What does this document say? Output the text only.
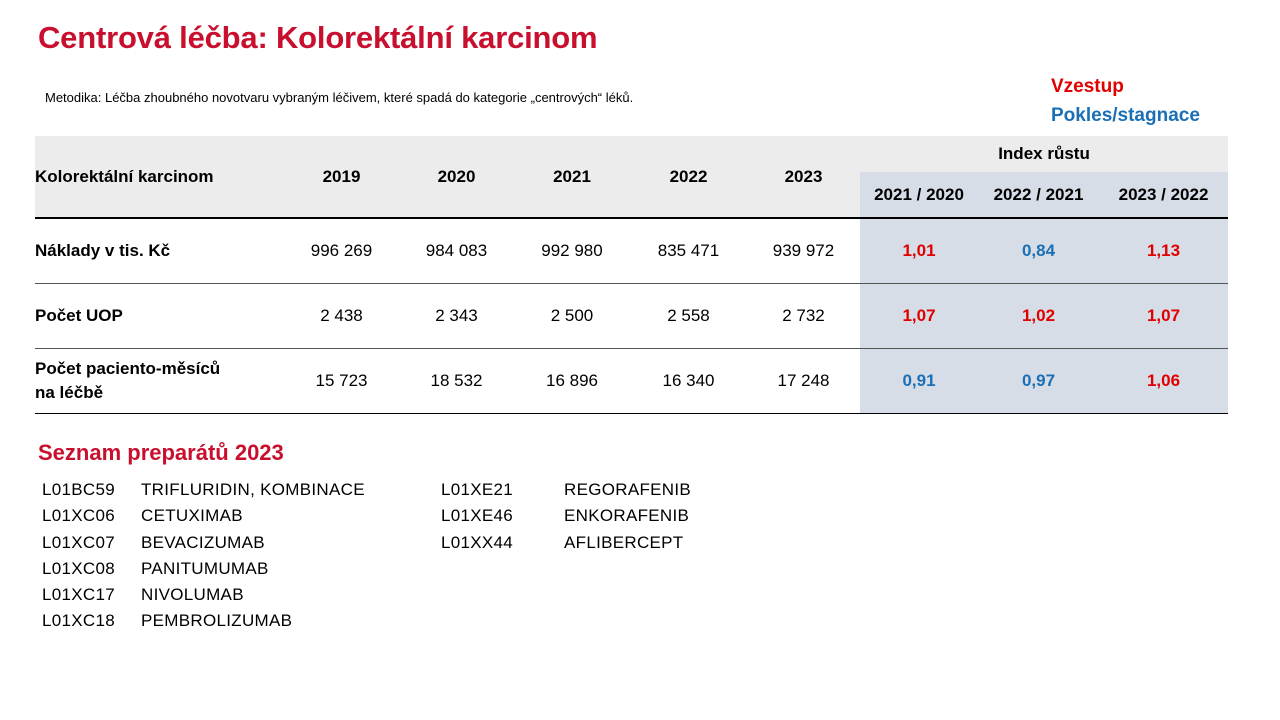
Centrová léčba: Kolorektální karcinom
Metodika: Léčba zhoubného novotvaru vybraným léčivem, které spadá do kategorie „centrových“ léků.
Vzestup
Pokles/stagnace
Kolorektální karcinom	2019	2020	2021	2022	2023	Index růstu		
						2021 / 2020	2022 / 2021	2023 / 2022
Náklady v tis. Kč	996 269	984 083	992 980	835 471	939 972	1,01	0,84	1,13
Počet UOP	2 438	2 343	2 500	2 558	2 732	1,07	1,02	1,07

Počet paciento-měsíců
na léčbě	15 723	18 532	16 896	16 340	17 248	0,91	0,97	1,06
Seznam preparátů 2023
L01BC59 TRIFLURIDIN, KOMBINACE
L01XC06 CETUXIMAB
L01XC07 BEVACIZUMAB
L01XC08 PANITUMUMAB
L01XC17 NIVOLUMAB
L01XC18 PEMBROLIZUMAB
L01XE21	REGORAFENIB
L01XE46	ENKORAFENIB
L01XX44	AFLIBERCEPT
